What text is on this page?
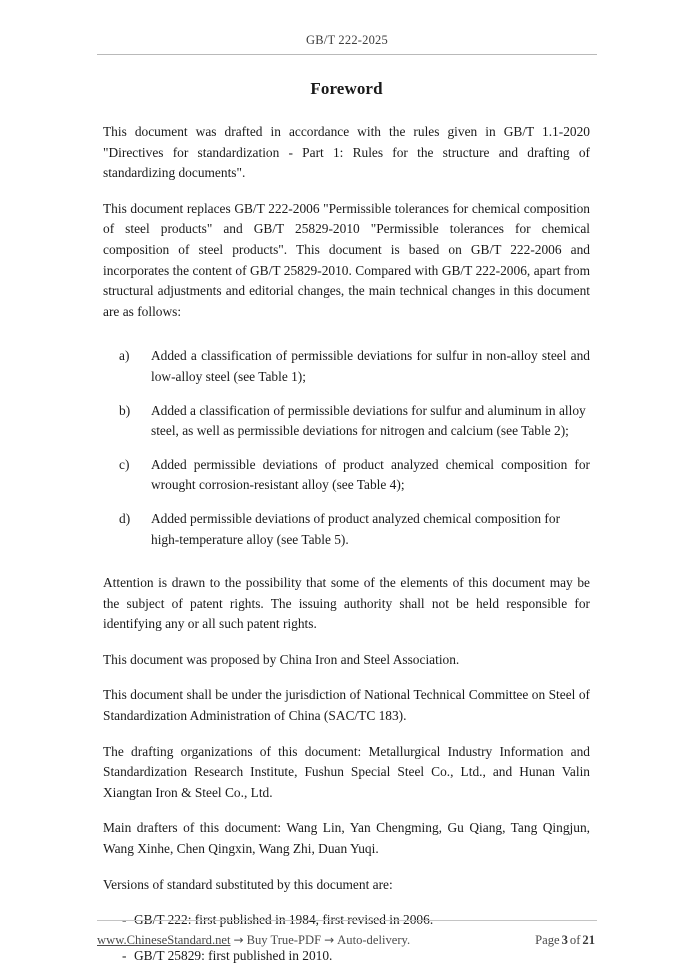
GB/T 222-2025
Foreword

This document was drafted in accordance with the rules given in GB/T 1.1-2020 "Directives for standardization - Part 1: Rules for the structure and drafting of standardizing documents".

This document replaces GB/T 222-2006 "Permissible tolerances for chemical composition of steel products" and GB/T 25829-2010 "Permissible tolerances for chemical composition of steel products". This document is based on GB/T 222-2006 and incorporates the content of GB/T 25829-2010. Compared with GB/T 222-2006, apart from structural adjustments and editorial changes, the main technical changes in this document are as follows:

a)	Added a classification of permissible deviations for sulfur in non-alloy steel and low-alloy steel (see Table 1);
b)	Added a classification of permissible deviations for sulfur and aluminum in alloy steel, as well as permissible deviations for nitrogen and calcium (see Table 2);
c)	Added permissible deviations of product analyzed chemical composition for wrought corrosion-resistant alloy (see Table 4);
d)	Added permissible deviations of product analyzed chemical composition for high-temperature alloy (see Table 5).

Attention is drawn to the possibility that some of the elements of this document may be the subject of patent rights. The issuing authority shall not be held responsible for identifying any or all such patent rights.

This document was proposed by China Iron and Steel Association.

This document shall be under the jurisdiction of National Technical Committee on Steel of Standardization Administration of China (SAC/TC 183).

The drafting organizations of this document: Metallurgical Industry Information and Standardization Research Institute, Fushun Special Steel Co., Ltd., and Hunan Valin Xiangtan Iron & Steel Co., Ltd.

Main drafters of this document: Wang Lin, Yan Chengming, Gu Qiang, Tang Qingjun, Wang Xinhe, Chen Qingxin, Wang Zhi, Duan Yuqi.

Versions of standard substituted by this document are:

- GB/T 222: first published in 1984, first revised in 2006.
- GB/T 25829: first published in 2010.
www.ChineseStandard.net → Buy True-PDF → Auto-delivery.	Page 3 of 21
